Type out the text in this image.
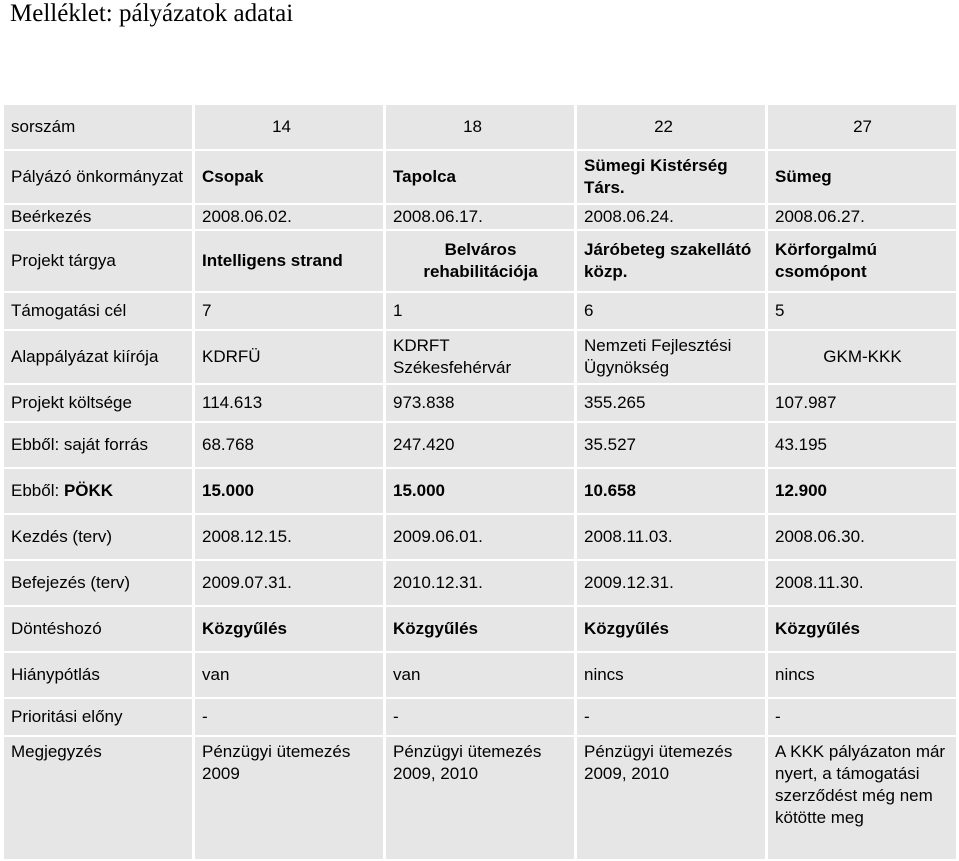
Melléklet: pályázatok adatai
sorszám	14	18	22	27
Pályázó önkormányzat	Csopak	Tapolca	Sümegi Kistérség Társ.	Sümeg
Beérkezés	2008.06.02.	2008.06.17.	2008.06.24.	2008.06.27.
Projekt tárgya	Intelligens strand	Belváros rehabilitációja	Járóbeteg szakellátó közp.	Körforgalmú csomópont
Támogatási cél	7	1	6	5
Alappályázat kiírója	KDRFÜ	KDRFT Székesfehérvár	Nemzeti Fejlesztési Ügynökség	GKM-KKK
Projekt költsége	114.613	973.838	355.265	107.987
Ebből: saját forrás	68.768	247.420	35.527	43.195
Ebből: PÖKK	15.000	15.000	10.658	12.900
Kezdés (terv)	2008.12.15.	2009.06.01.	2008.11.03.	2008.06.30.
Befejezés (terv)	2009.07.31.	2010.12.31.	2009.12.31.	2008.11.30.
Döntéshozó	Közgyűlés	Közgyűlés	Közgyűlés	Közgyűlés
Hiánypótlás	van	van	nincs	nincs
Prioritási előny	-	-	-	-
Megjegyzés	Pénzügyi ütemezés 2009	Pénzügyi ütemezés 2009, 2010	Pénzügyi ütemezés 2009, 2010	A KKK pályázaton már nyert, a támogatási szerződést még nem kötötte meg
